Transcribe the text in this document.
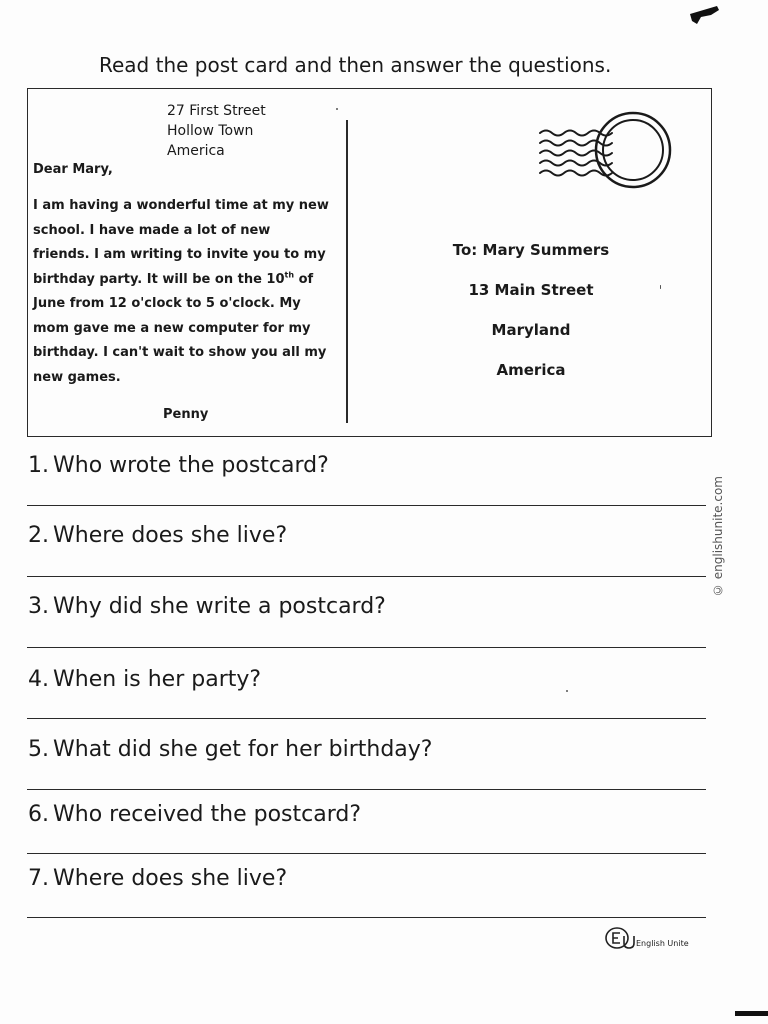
Read the post card and then answer the questions.
27 First Street
Hollow Town
America
Dear Mary,
I am having a wonderful time at my new
school. I have made a lot of new
friends. I am writing to invite you to my
birthday party. It will be on the 10th of
June from 12 o'clock to 5 o'clock. My
mom gave me a new computer for my
birthday. I can't wait to show you all my
new games.
Penny
To: Mary Summers
13 Main Street
Maryland
America
1. Who wrote the postcard?
2. Where does she live?
3. Why did she write a postcard?
4. When is her party?
5. What did she get for her birthday?
6. Who received the postcard?
7. Where does she live?
© englishunite.com
English Unite
